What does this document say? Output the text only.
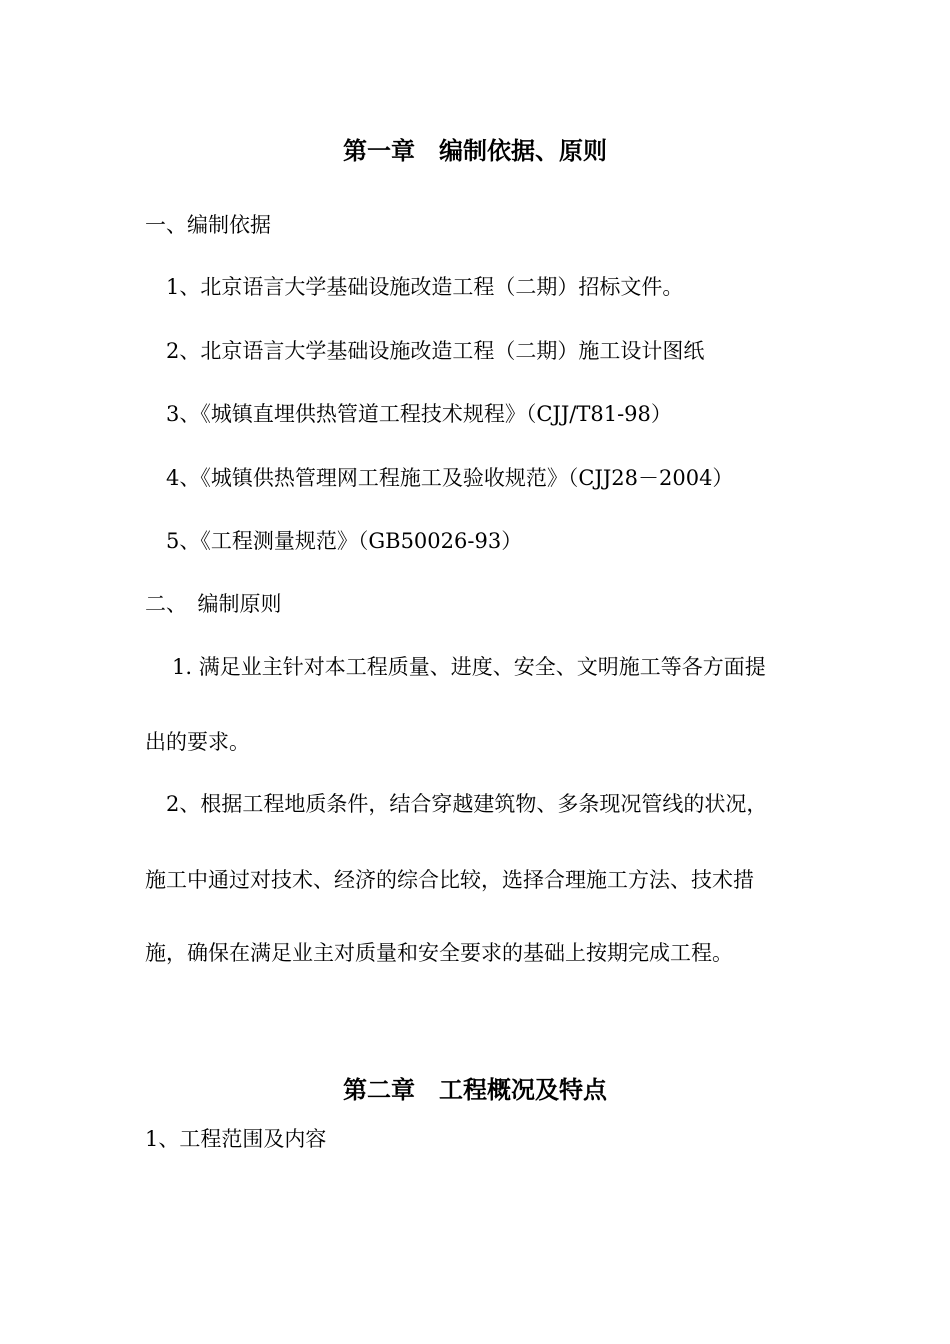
第一章　编制依据、原则
一、编制依据
1、北京语言大学基础设施改造工程（二期）招标文件。
2、北京语言大学基础设施改造工程（二期）施工设计图纸
3、《城镇直埋供热管道工程技术规程》（CJJ/T81-98）
4、《城镇供热管理网工程施工及验收规范》（CJJ28－2004）
5、《工程测量规范》（GB50026-93）
二、　编制原则
1. 满足业主针对本工程质量、进度、安全、文明施工等各方面提
出的要求。
2、根据工程地质条件，结合穿越建筑物、多条现况管线的状况，
施工中通过对技术、经济的综合比较，选择合理施工方法、技术措
施，确保在满足业主对质量和安全要求的基础上按期完成工程。
第二章　工程概况及特点
1、工程范围及内容
